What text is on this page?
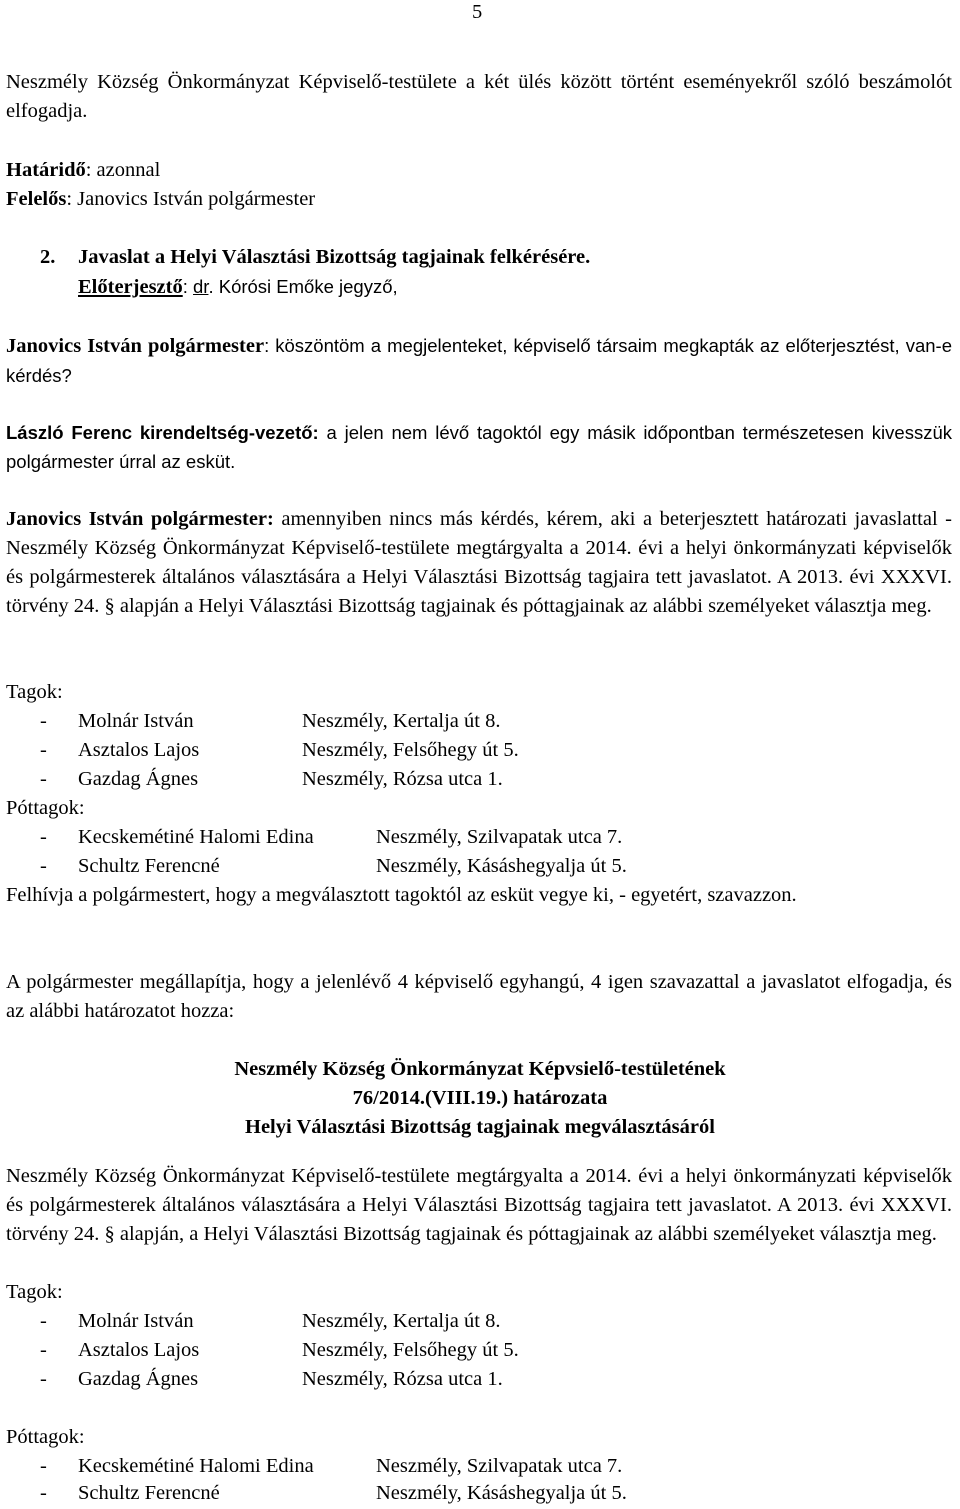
5

Neszmély Község Önkormányzat Képviselő-testülete a két ülés között történt eseményekről szóló beszámolót elfogadja.

Határidő: azonnal
Felelős: Janovics István polgármester
2. Javaslat a Helyi Választási Bizottság tagjainak felkérésére.
Előterjesztő: dr. Kórósi Emőke jegyző,

Janovics István polgármester: köszöntöm a megjelenteket, képviselő társaim megkapták az előterjesztést, van-e kérdés?

László Ferenc kirendeltség-vezető: a jelen nem lévő tagoktól egy másik időpontban természetesen kivesszük polgármester úrral az esküt.

Janovics István polgármester: amennyiben nincs más kérdés, kérem, aki a beterjesztett határozati javaslattal - Neszmély Község Önkormányzat Képviselő-testülete megtárgyalta a 2014. évi a helyi önkormányzati képviselők és polgármesterek általános választására a Helyi Választási Bizottság tagjaira tett javaslatot. A 2013. évi XXXVI. törvény 24. § alapján a Helyi Választási Bizottság tagjainak és póttagjainak az alábbi személyeket választja meg.

Tagok:
- Molnár István	Neszmély, Kertalja út 8.
- Asztalos Lajos	Neszmély, Felsőhegy út 5.
- Gazdag Ágnes	Neszmély, Rózsa utca 1.
Póttagok:
- Kecskemétiné Halomi Edina	Neszmély, Szilvapatak utca 7.
- Schultz Ferencné	Neszmély, Kásáshegyalja út 5.

Felhívja a polgármestert, hogy a megválasztott tagoktól az esküt vegye ki, - egyetért, szavazzon.

A polgármester megállapítja, hogy a jelenlévő 4 képviselő egyhangú, 4 igen szavazattal a javaslatot elfogadja, és az alábbi határozatot hozza:

Neszmély Község Önkormányzat Képvsielő-testületének
76/2014.(VIII.19.) határozata
Helyi Választási Bizottság tagjainak megválasztásáról

Neszmély Község Önkormányzat Képviselő-testülete megtárgyalta a 2014. évi a helyi önkormányzati képviselők és polgármesterek általános választására a Helyi Választási Bizottság tagjaira tett javaslatot. A 2013. évi XXXVI. törvény 24. § alapján, a Helyi Választási Bizottság tagjainak és póttagjainak az alábbi személyeket választja meg.

Tagok:
- Molnár István	Neszmély, Kertalja út 8.
- Asztalos Lajos	Neszmély, Felsőhegy út 5.
- Gazdag Ágnes	Neszmély, Rózsa utca 1.
Póttagok:
- Kecskemétiné Halomi Edina	Neszmély, Szilvapatak utca 7.
- Schultz Ferencné	Neszmély, Kásáshegyalja út 5.
